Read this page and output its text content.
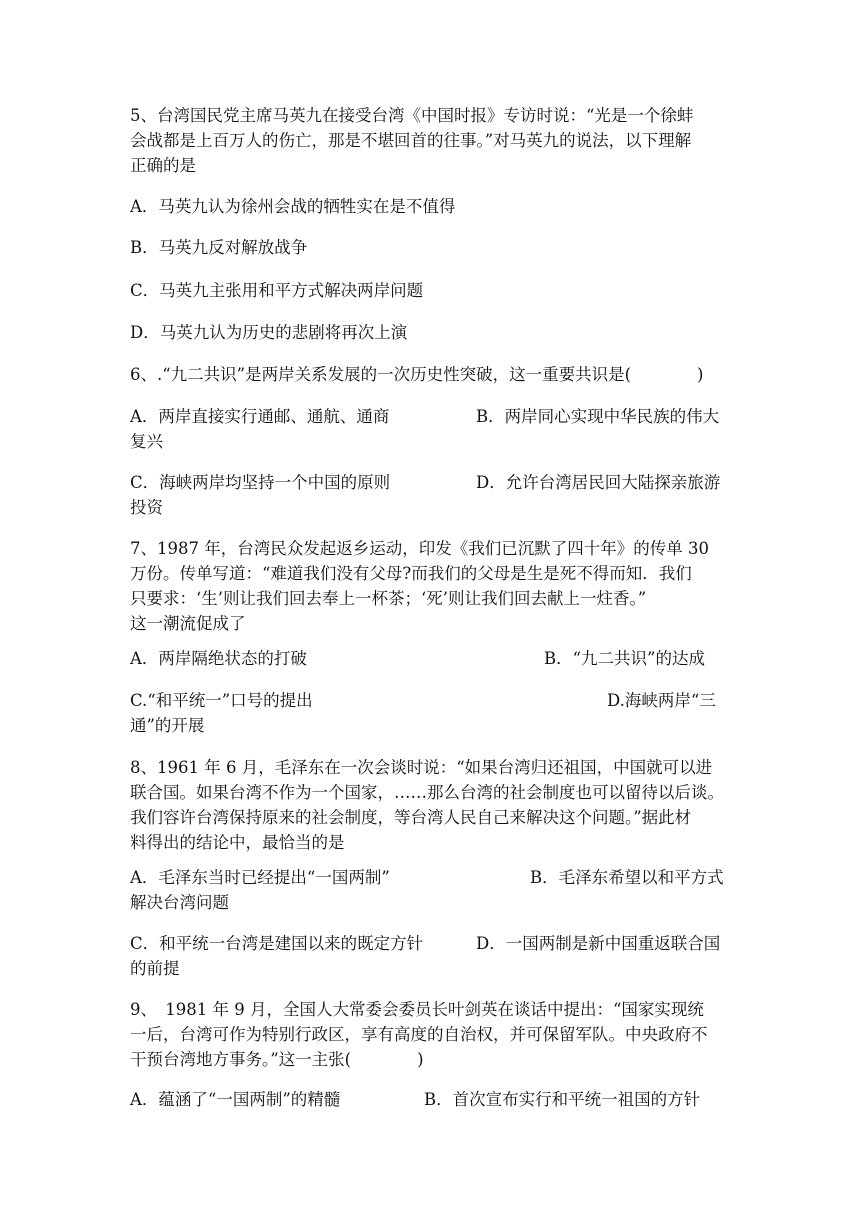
5、台湾国民党主席马英九在接受台湾《中国时报》专访时说：“光是一个徐蚌
会战都是上百万人的伤亡，那是不堪回首的往事。”对马英九的说法，以下理解
正确的是
A．马英九认为徐州会战的牺牲实在是不值得
B．马英九反对解放战争
C．马英九主张用和平方式解决两岸问题
D．马英九认为历史的悲剧将再次上演
6、.“九二共识”是两岸关系发展的一次历史性突破，这一重要共识是(　　　　)
A．两岸直接实行通邮、通航、通商	B．两岸同心实现中华民族的伟大
复兴
C．海峡两岸均坚持一个中国的原则	D．允许台湾居民回大陆探亲旅游
投资
7、1987 年，台湾民众发起返乡运动，印发《我们已沉默了四十年》的传单 30
万份。传单写道：“难道我们没有父母?而我们的父母是生是死不得而知．我们
只要求：‘生’则让我们回去奉上一杯茶；‘死’则让我们回去献上一炷香。”
这一潮流促成了
A．两岸隔绝状态的打破	B．“九二共识”的达成
C.“和平统一”口号的提出	D.海峡两岸“三
通”的开展
8、1961 年 6 月，毛泽东在一次会谈时说：“如果台湾归还祖国，中国就可以进
联合国。如果台湾不作为一个国家，……那么台湾的社会制度也可以留待以后谈。
我们容许台湾保持原来的社会制度，等台湾人民自己来解决这个问题。”据此材
料得出的结论中，最恰当的是
A．毛泽东当时已经提出“一国两制”	B．毛泽东希望以和平方式
解决台湾问题
C．和平统一台湾是建国以来的既定方针	D．一国两制是新中国重返联合国
的前提
9、　1981 年 9 月，全国人大常委会委员长叶剑英在谈话中提出：“国家实现统
一后，台湾可作为特别行政区，享有高度的自治权，并可保留军队。中央政府不
干预台湾地方事务。”这一主张(　　　　)
A．蕴涵了“一国两制”的精髓	B．首次宣布实行和平统一祖国的方针
